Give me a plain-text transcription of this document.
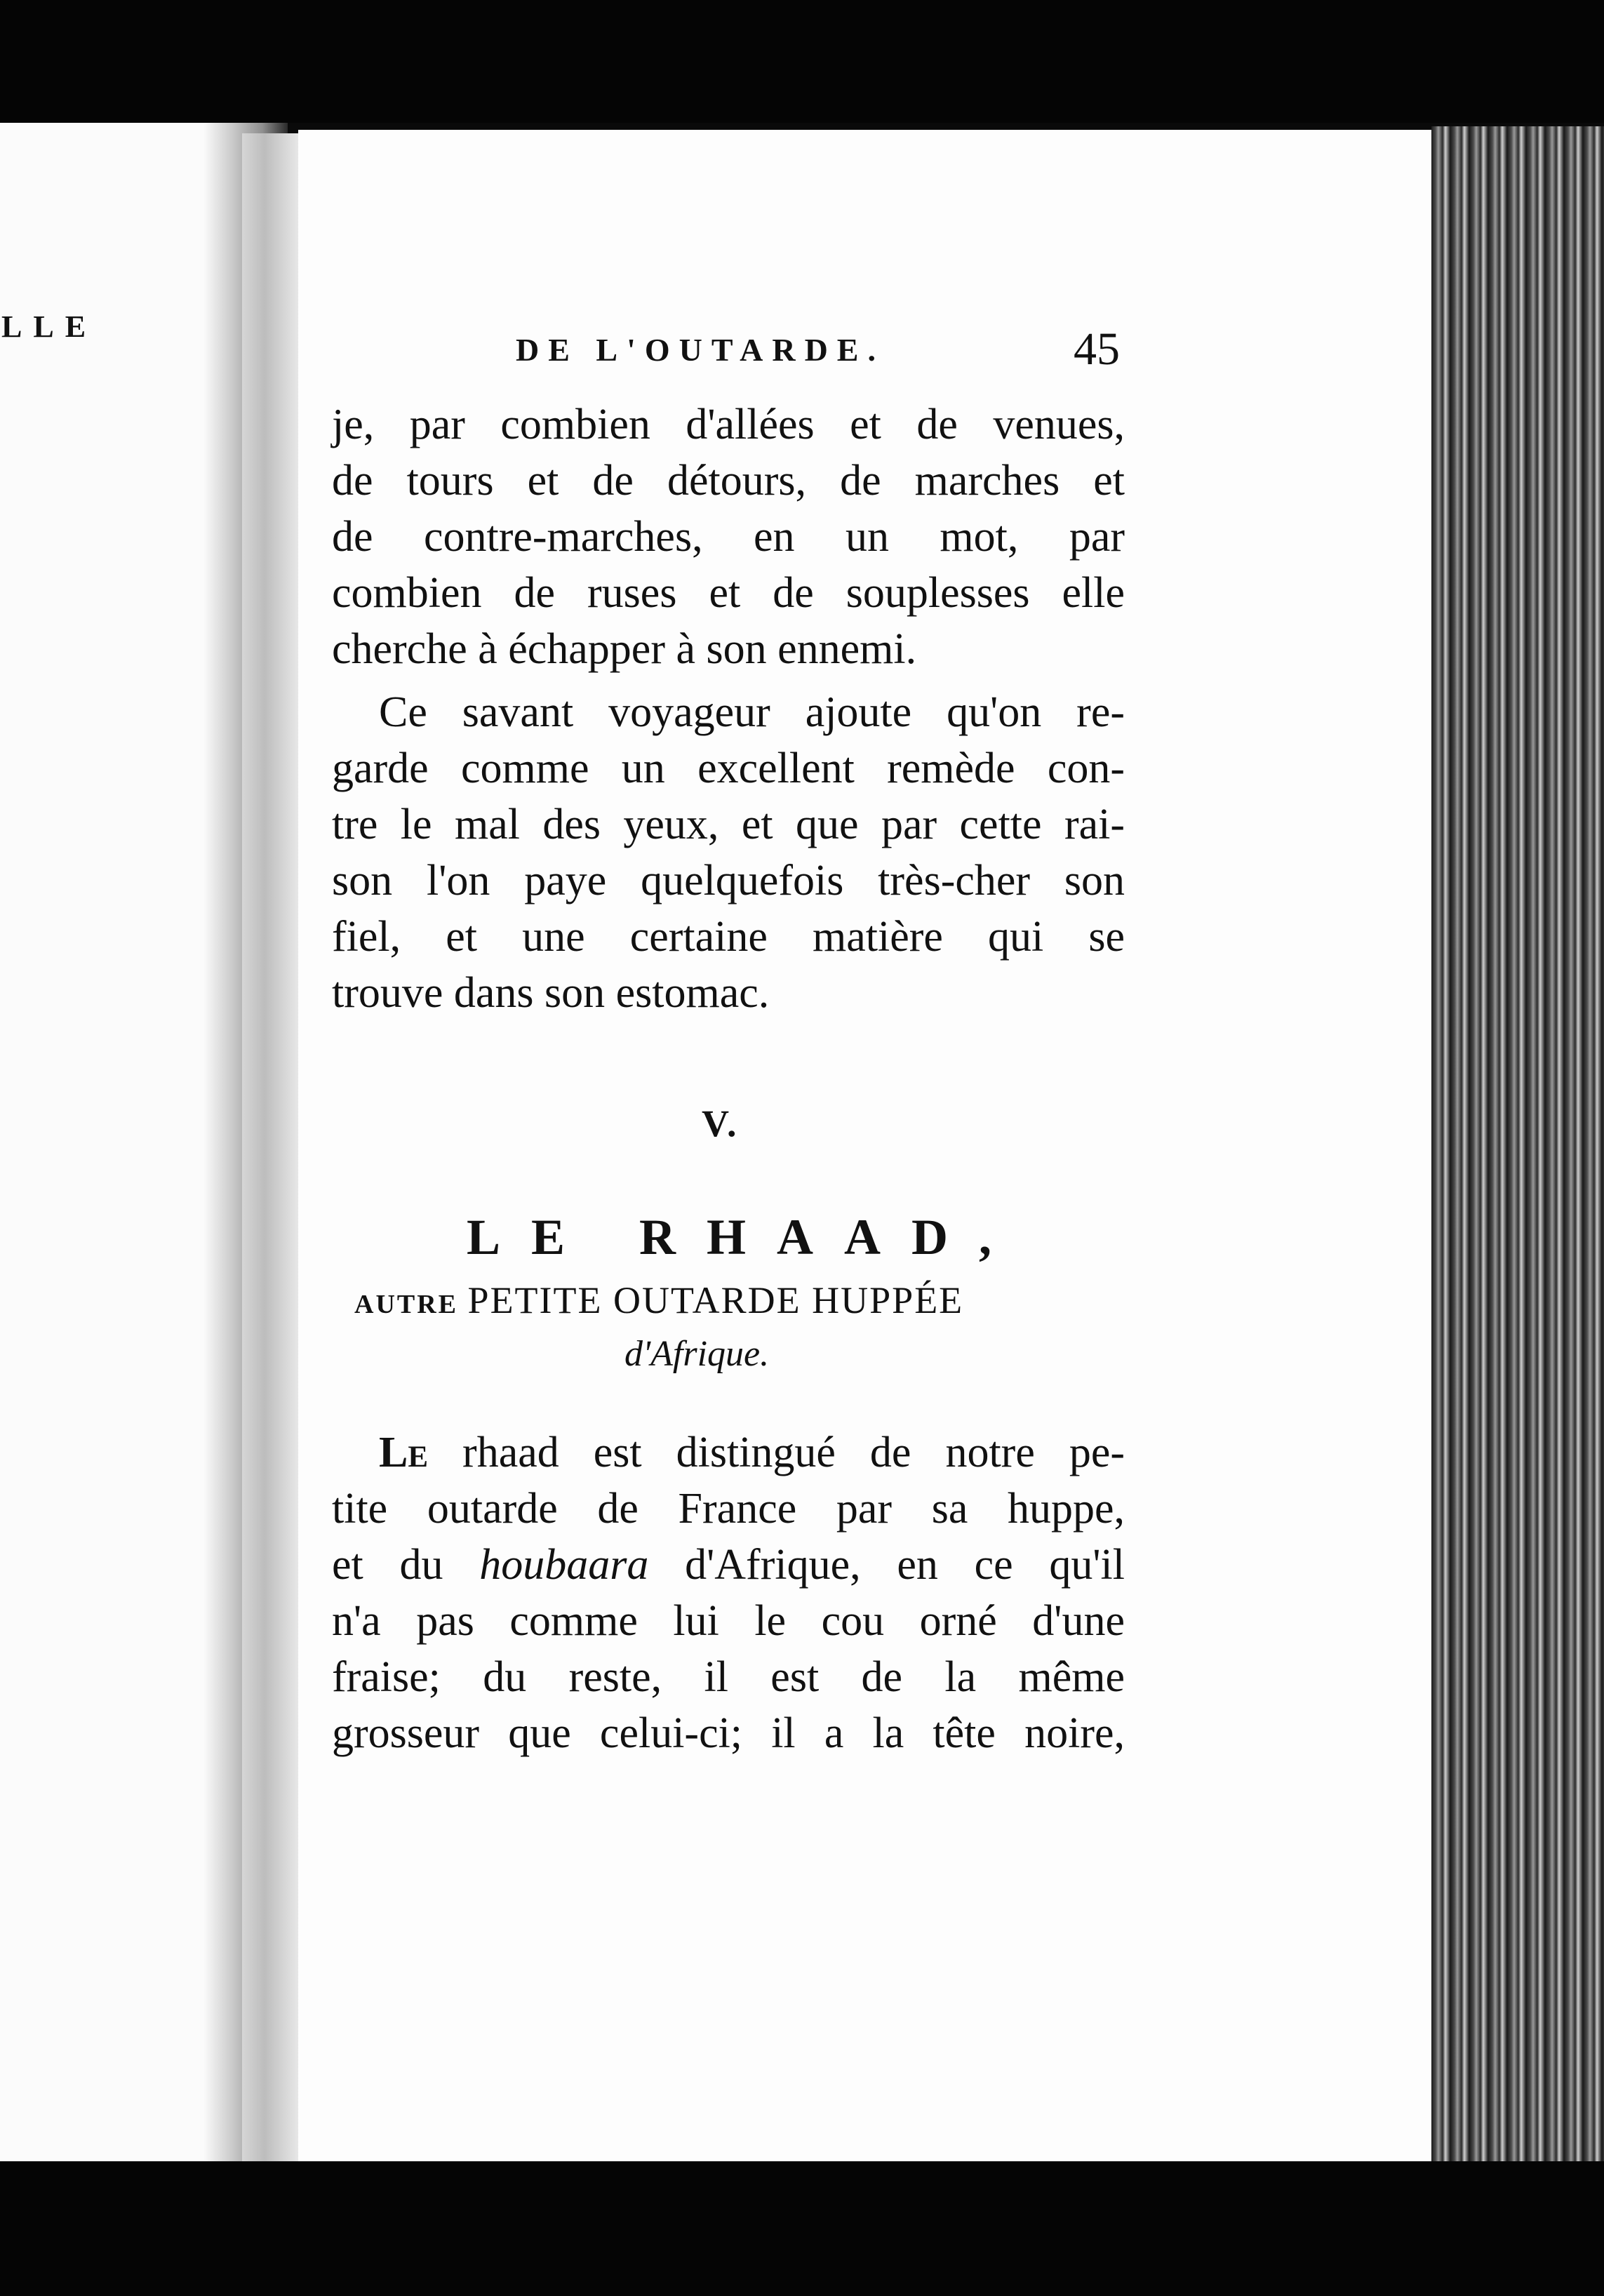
LLE
DE L'OUTARDE.	45
je, par combien d'allées et de venues,
de tours et de détours, de marches et
de contre-marches, en un mot, par
combien de ruses et de souplesses elle
cherche à échapper à son ennemi.
Ce savant voyageur ajoute qu'on re-
garde comme un excellent remède con-
tre le mal des yeux, et que par cette rai-
son l'on paye quelquefois très-cher son
fiel, et une certaine matière qui se
trouve dans son estomac.
V.
LE RHAAD,
AUTRE PETITE OUTARDE HUPPÉE
d'Afrique.
Le rhaad est distingué de notre pe-
tite outarde de France par sa huppe,
et du houbaara d'Afrique, en ce qu'il
n'a pas comme lui le cou orné d'une
fraise; du reste, il est de la même
grosseur que celui-ci; il a la tête noire,
